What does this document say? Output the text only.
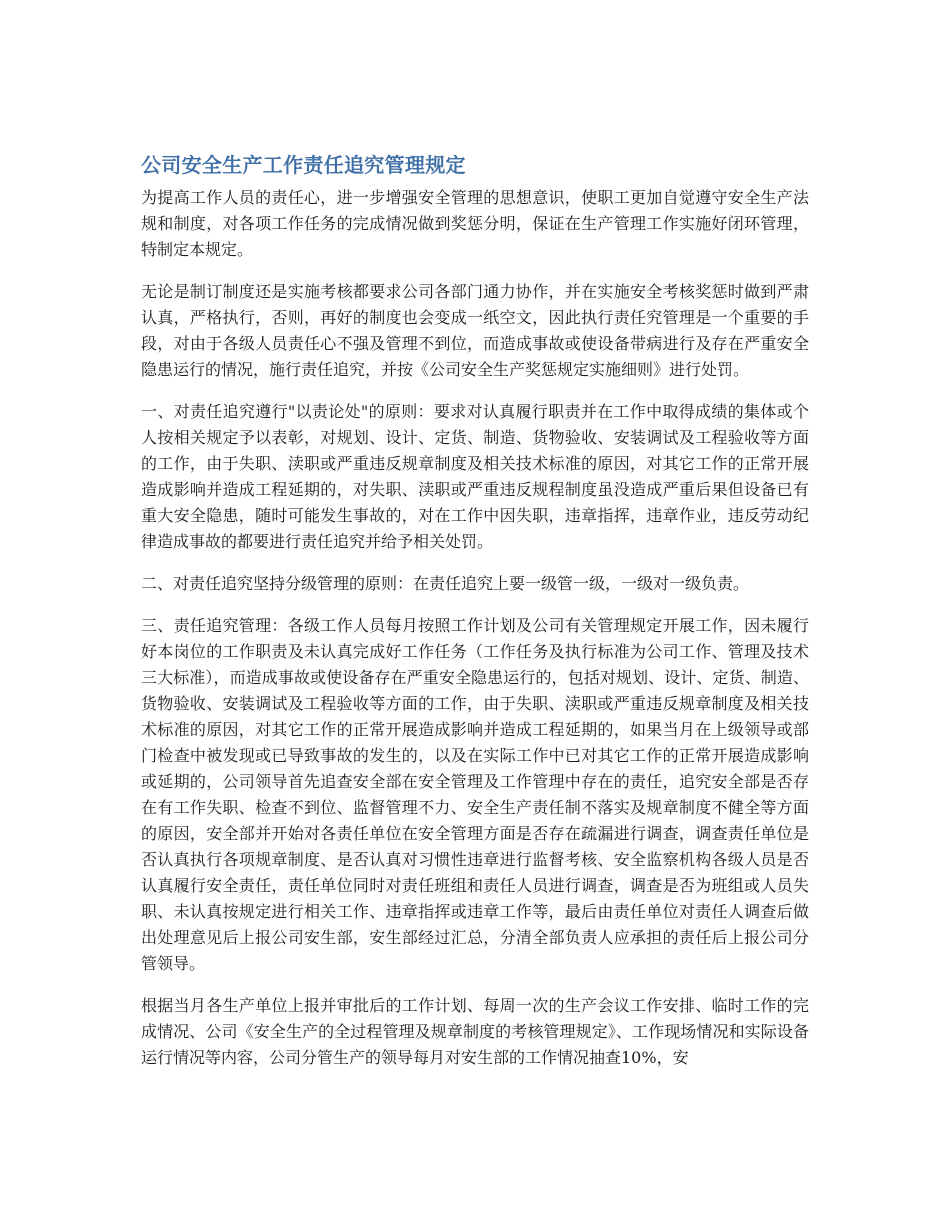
公司安全生产工作责任追究管理规定

为提高工作人员的责任心，进一步增强安全管理的思想意识，使职工更加自觉遵守安全生产法规和制度，对各项工作任务的完成情况做到奖惩分明，保证在生产管理工作实施好闭环管理，特制定本规定。

无论是制订制度还是实施考核都要求公司各部门通力协作，并在实施安全考核奖惩时做到严肃认真，严格执行，否则，再好的制度也会变成一纸空文，因此执行责任究管理是一个重要的手段，对由于各级人员责任心不强及管理不到位，而造成事故或使设备带病进行及存在严重安全隐患运行的情况，施行责任追究，并按《公司安全生产奖惩规定实施细则》进行处罚。

一、对责任追究遵行"以责论处"的原则：要求对认真履行职责并在工作中取得成绩的集体或个人按相关规定予以表彰，对规划、设计、定货、制造、货物验收、安装调试及工程验收等方面的工作，由于失职、渎职或严重违反规章制度及相关技术标准的原因，对其它工作的正常开展造成影响并造成工程延期的，对失职、渎职或严重违反规程制度虽没造成严重后果但设备已有重大安全隐患，随时可能发生事故的，对在工作中因失职，违章指挥，违章作业，违反劳动纪律造成事故的都要进行责任追究并给予相关处罚。

二、对责任追究坚持分级管理的原则：在责任追究上要一级管一级，一级对一级负责。

三、责任追究管理：各级工作人员每月按照工作计划及公司有关管理规定开展工作，因未履行好本岗位的工作职责及未认真完成好工作任务（工作任务及执行标准为公司工作、管理及技术三大标准），而造成事故或使设备存在严重安全隐患运行的，包括对规划、设计、定货、制造、货物验收、安装调试及工程验收等方面的工作，由于失职、渎职或严重违反规章制度及相关技术标准的原因，对其它工作的正常开展造成影响并造成工程延期的，如果当月在上级领导或部门检查中被发现或已导致事故的发生的，以及在实际工作中已对其它工作的正常开展造成影响或延期的，公司领导首先追查安全部在安全管理及工作管理中存在的责任，追究安全部是否存在有工作失职、检查不到位、监督管理不力、安全生产责任制不落实及规章制度不健全等方面的原因，安全部并开始对各责任单位在安全管理方面是否存在疏漏进行调查，调查责任单位是否认真执行各项规章制度、是否认真对习惯性违章进行监督考核、安全监察机构各级人员是否认真履行安全责任，责任单位同时对责任班组和责任人员进行调查，调查是否为班组或人员失职、未认真按规定进行相关工作、违章指挥或违章工作等，最后由责任单位对责任人调查后做出处理意见后上报公司安生部，安生部经过汇总，分清全部负责人应承担的责任后上报公司分管领导。

根据当月各生产单位上报并审批后的工作计划、每周一次的生产会议工作安排、临时工作的完成情况、公司《安全生产的全过程管理及规章制度的考核管理规定》、工作现场情况和实际设备运行情况等内容，公司分管生产的领导每月对安生部的工作情况抽查10%，安
